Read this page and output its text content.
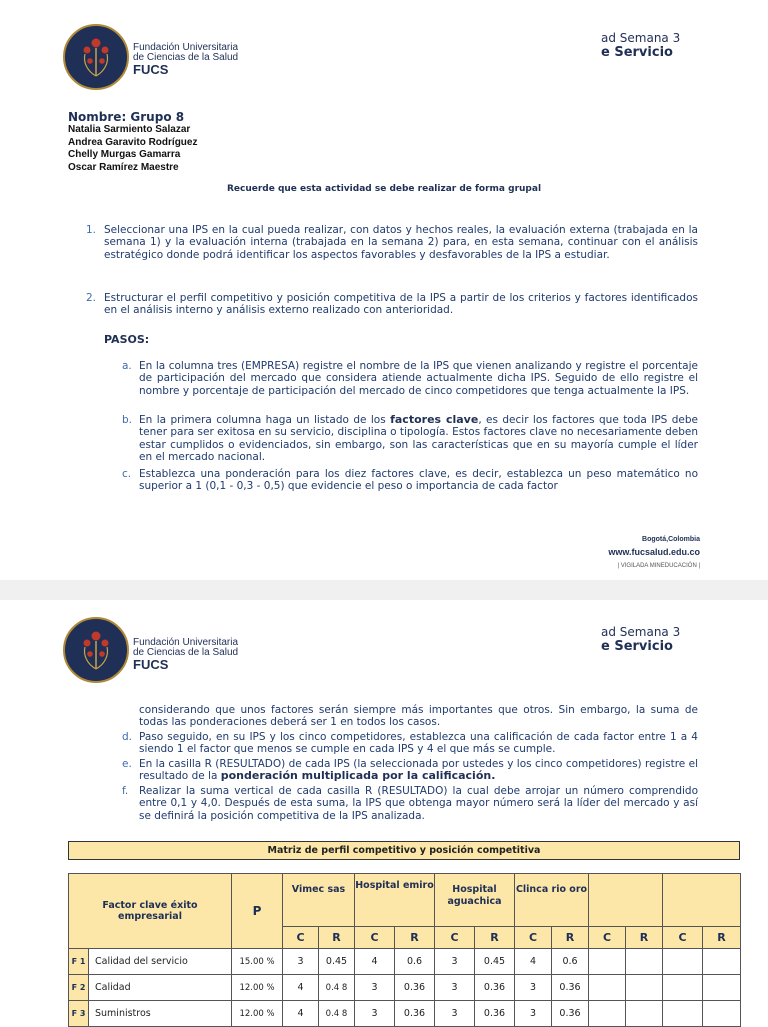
Fundación Universitaria
de Ciencias de la Salud
FUCS
ad Semana 3
e Servicio
Nombre: Grupo 8
Natalia Sarmiento Salazar
Andrea Garavito Rodríguez
Chelly Murgas Gamarra
Oscar Ramírez Maestre
Recuerde que esta actividad se debe realizar de forma grupal
1. Seleccionar una IPS en la cual pueda realizar, con datos y hechos reales, la evaluación externa (trabajada en la semana 1) y la evaluación interna (trabajada en la semana 2) para, en esta semana, continuar con el análisis estratégico donde podrá identificar los aspectos favorables y desfavorables de la IPS a estudiar.
2. Estructurar el perfil competitivo y posición competitiva de la IPS a partir de los criterios y factores identificados en el análisis interno y análisis externo realizado con anterioridad.
PASOS:
a. En la columna tres (EMPRESA) registre el nombre de la IPS que vienen analizando y registre el porcentaje de participación del mercado que considera atiende actualmente dicha IPS. Seguido de ello registre el nombre y porcentaje de participación del mercado de cinco competidores que tenga actualmente la IPS.
b. En la primera columna haga un listado de los factores clave, es decir los factores que toda IPS debe tener para ser exitosa en su servicio, disciplina o tipología. Estos factores clave no necesariamente deben estar cumplidos o evidenciados, sin embargo, son las características que en su mayoría cumple el líder en el mercado nacional.
c. Establezca una ponderación para los diez factores clave, es decir, establezca un peso matemático no superior a 1 (0,1 - 0,3 - 0,5) que evidencie el peso o importancia de cada factor
Bogotá,Colombia
www.fucsalud.edu.co
| VIGILADA MINEDUCACIÓN |
Fundación Universitaria
de Ciencias de la Salud
FUCS
ad Semana 3
e Servicio
considerando que unos factores serán siempre más importantes que otros. Sin embargo, la suma de todas las ponderaciones deberá ser 1 en todos los casos.
d. Paso seguido, en su IPS y los cinco competidores, establezca una calificación de cada factor entre 1 a 4 siendo 1 el factor que menos se cumple en cada IPS y 4 el que más se cumple.
e. En la casilla R (RESULTADO) de cada IPS (la seleccionada por ustedes y los cinco competidores) registre el resultado de la ponderación multiplicada por la calificación.
f. Realizar la suma vertical de cada casilla R (RESULTADO) la cual debe arrojar un número comprendido entre 0,1 y 4,0. Después de esta suma, la IPS que obtenga mayor número será la líder del mercado y así se definirá la posición competitiva de la IPS analizada.
Matriz de perfil competitivo y posición competitiva
Factor clave éxito empresarial		P	Vimec sas		Hospital emiro		Hospital aguachica		Clinca rio oro					
			C	R	C	R	C	R	C	R	C	R	C	R
F 1	Calidad del servicio	15.00 %	3	0.45	4	0.6	3	0.45	4	0.6				
F 2	Calidad	12.00 %	4	0.4 8	3	0.36	3	0.36	3	0.36				
F 3	Suministros	12.00 %	4	0.4 8	3	0.36	3	0.36	3	0.36				
